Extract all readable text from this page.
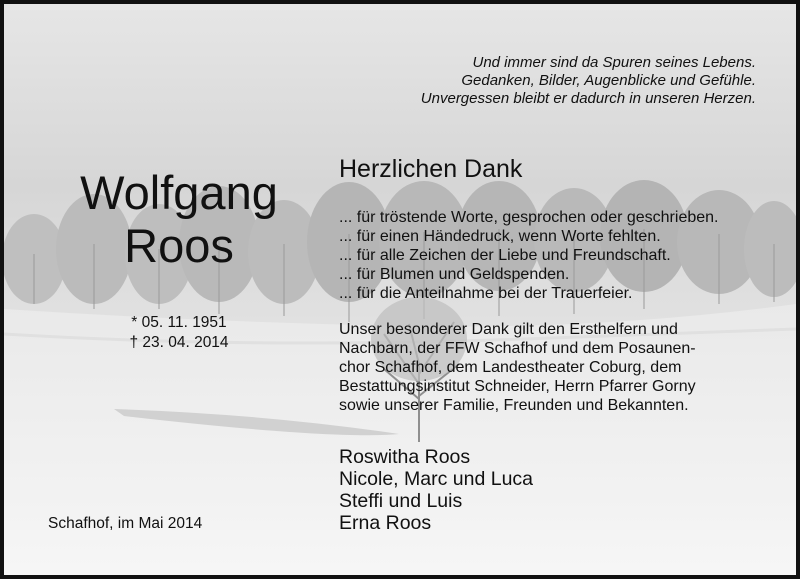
Und immer sind da Spuren seines Lebens.
Gedanken, Bilder, Augenblicke und Gefühle.
Unvergessen bleibt er dadurch in unseren Herzen.
Wolfgang
Roos
* 05. 11. 1951
† 23. 04. 2014
Herzlichen Dank
... für tröstende Worte, gesprochen oder geschrieben.
... für einen Händedruck, wenn Worte fehlten.
... für alle Zeichen der Liebe und Freundschaft.
... für Blumen und Geldspenden.
... für die Anteilnahme bei der Trauerfeier.
Unser besonderer Dank gilt den Ersthelfern und
Nachbarn, der FFW Schafhof und dem Posaunen-
chor Schafhof, dem Landestheater Coburg, dem
Bestattungsinstitut Schneider, Herrn Pfarrer Gorny
sowie unserer Familie, Freunden und Bekannten.
Roswitha Roos
Nicole, Marc und Luca
Steffi und Luis
Erna Roos
Schafhof, im Mai 2014
